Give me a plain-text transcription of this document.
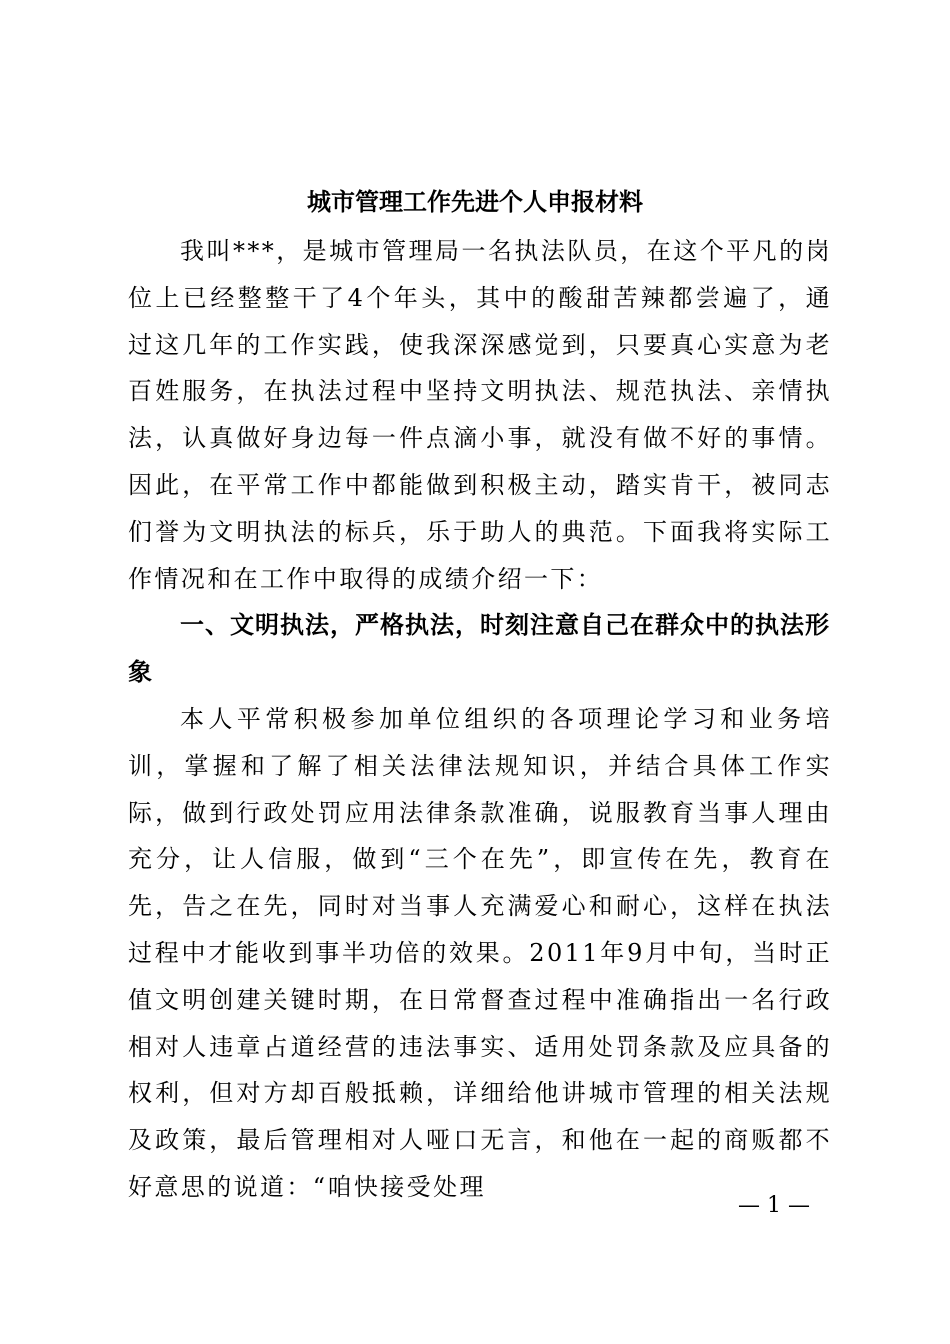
城市管理工作先进个人申报材料

我叫***，是城市管理局一名执法队员，在这个平凡的岗位上已经整整干了4个年头，其中的酸甜苦辣都尝遍了，通过这几年的工作实践，使我深深感觉到，只要真心实意为老百姓服务，在执法过程中坚持文明执法、规范执法、亲情执法，认真做好身边每一件点滴小事，就没有做不好的事情。因此，在平常工作中都能做到积极主动，踏实肯干，被同志们誉为文明执法的标兵，乐于助人的典范。下面我将实际工作情况和在工作中取得的成绩介绍一下：

一、文明执法，严格执法，时刻注意自己在群众中的执法形象

本人平常积极参加单位组织的各项理论学习和业务培训，掌握和了解了相关法律法规知识，并结合具体工作实际，做到行政处罚应用法律条款准确，说服教育当事人理由充分，让人信服，做到“三个在先”，即宣传在先，教育在先，告之在先，同时对当事人充满爱心和耐心，这样在执法过程中才能收到事半功倍的效果。2011年9月中旬，当时正值文明创建关键时期，在日常督查过程中准确指出一名行政相对人违章占道经营的违法事实、适用处罚条款及应具备的权利，但对方却百般抵赖，详细给他讲城市管理的相关法规及政策，最后管理相对人哑口无言，和他在一起的商贩都不好意思的说道：“咱快接受处理

— 1 —
